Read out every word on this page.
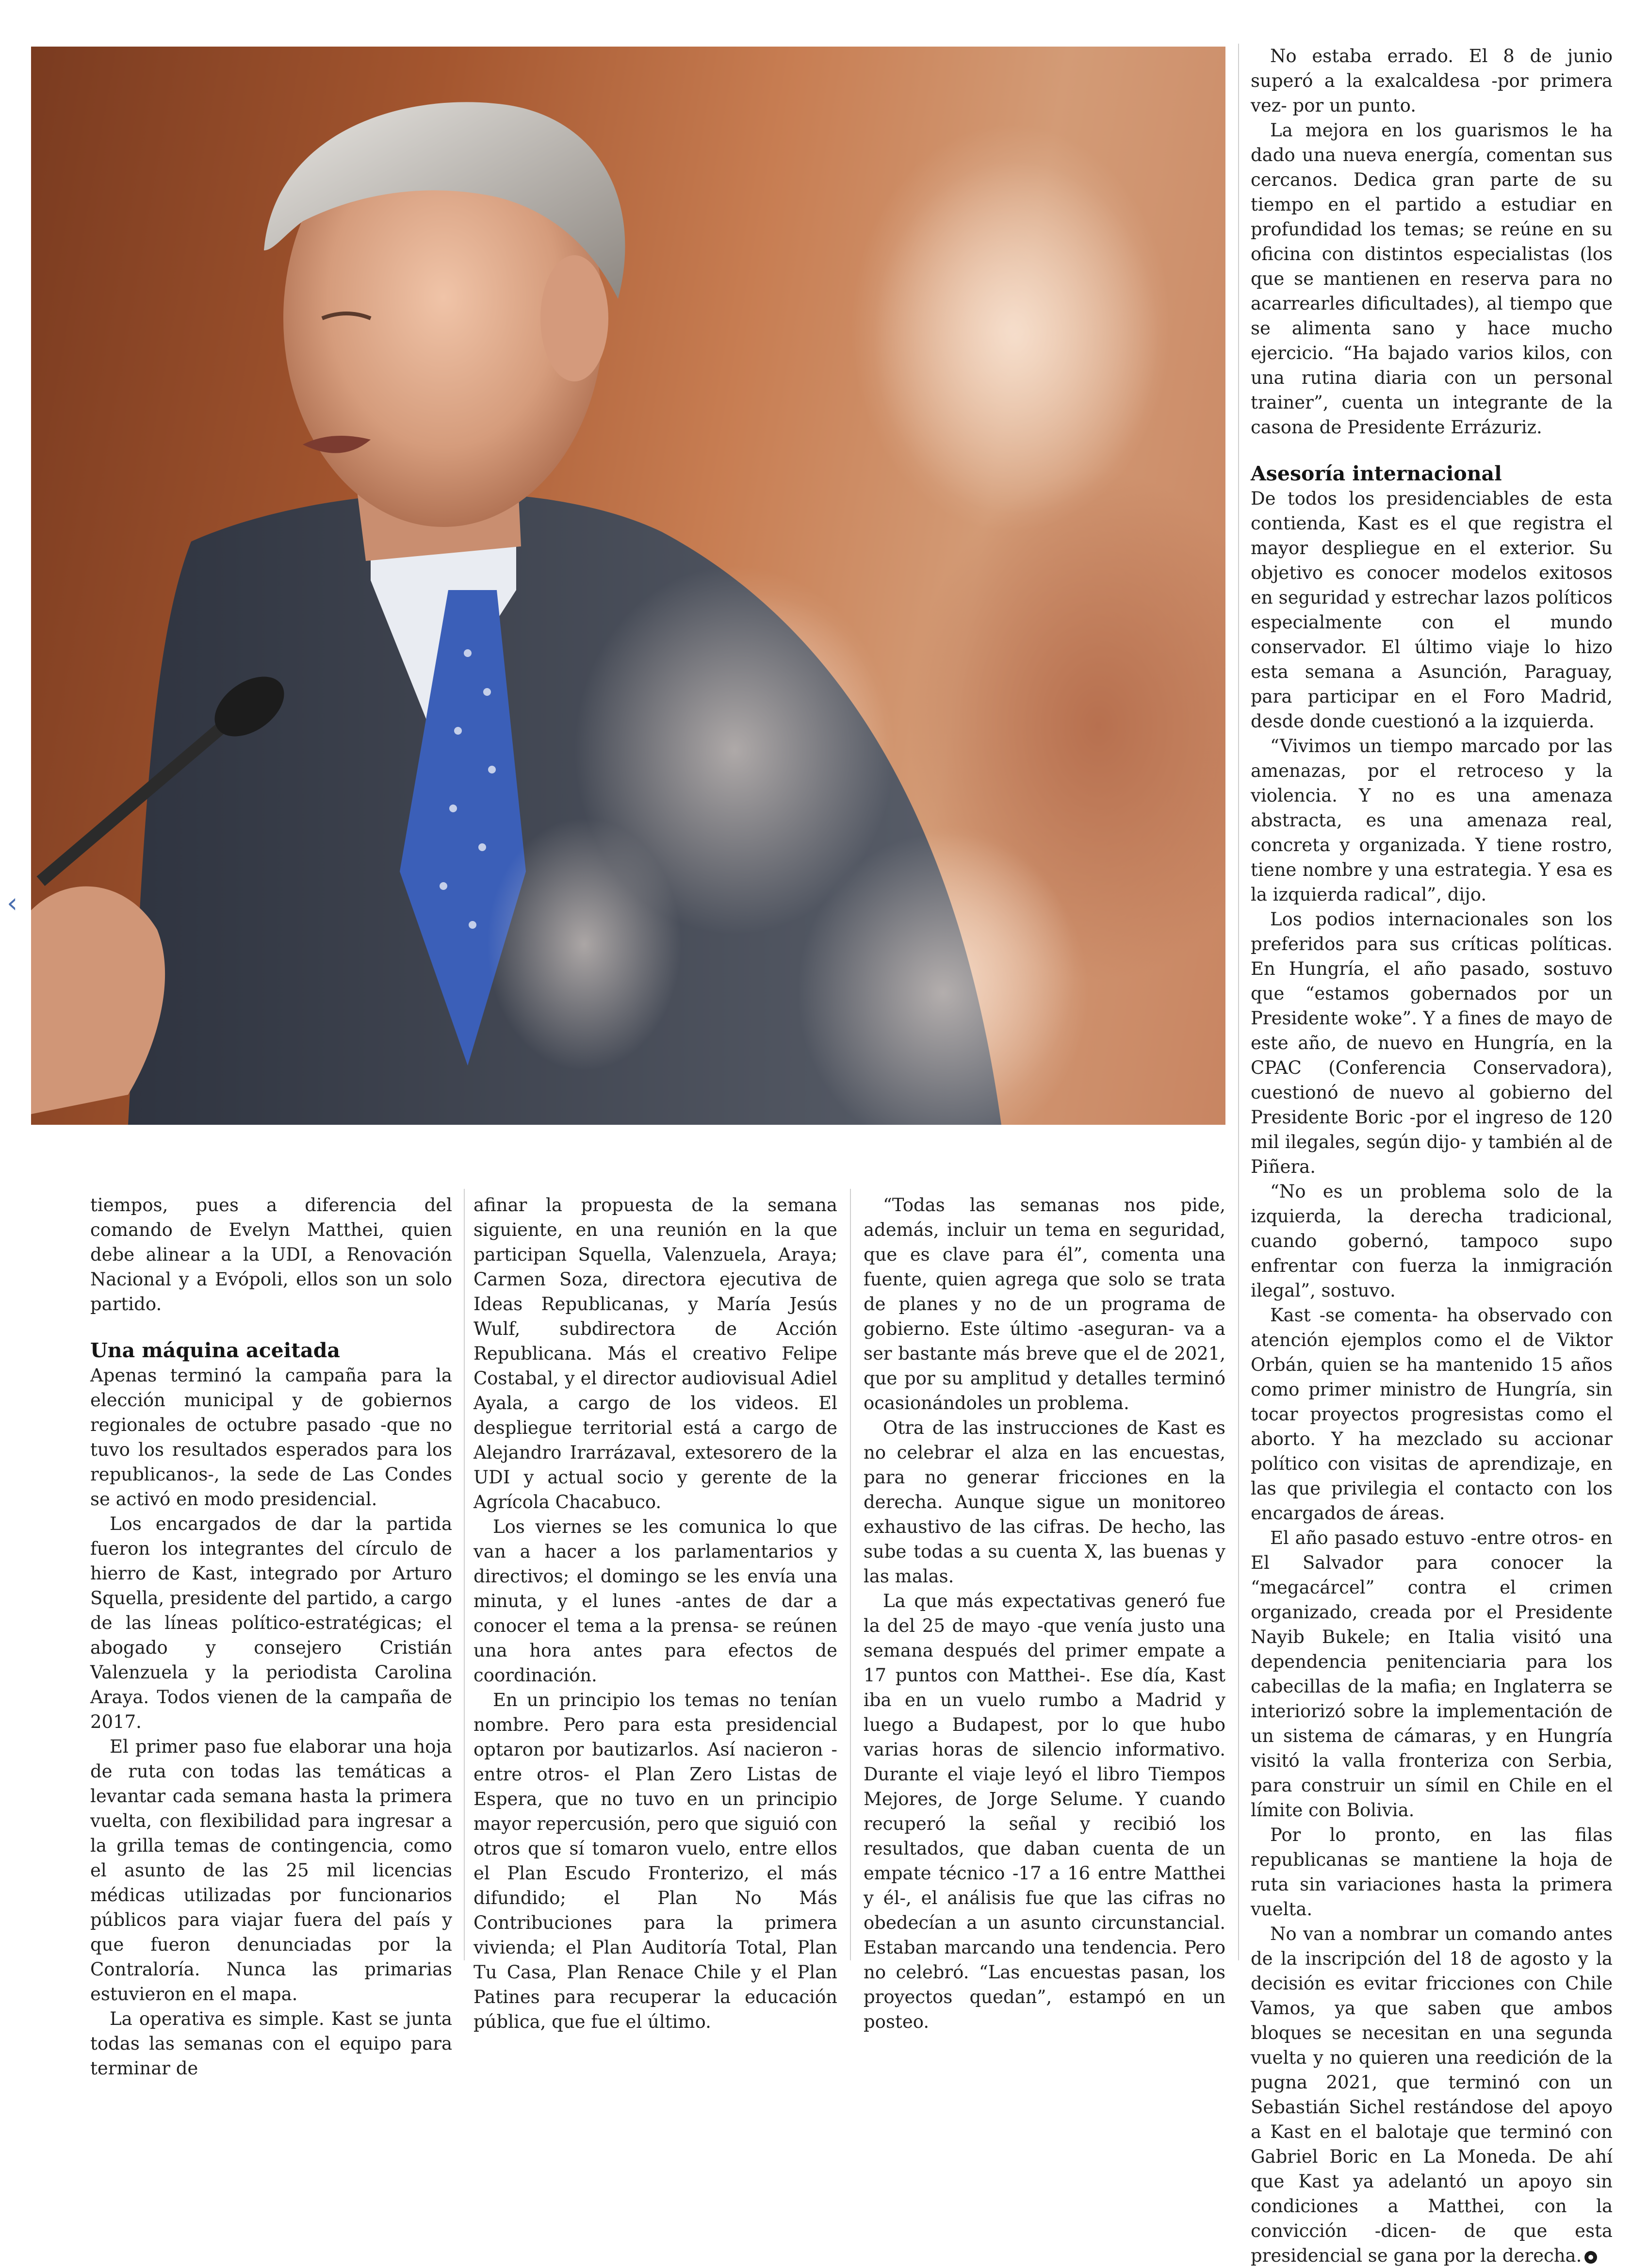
‹

tiempos, pues a diferencia del comando de Evelyn Matthei, quien debe alinear a la UDI, a Renovación Nacional y a Evópoli, ellos son un solo partido.

Una máquina aceitada

Apenas terminó la campaña para la elección municipal y de gobiernos regionales de octubre pasado -que no tuvo los resultados esperados para los republicanos-, la sede de Las Condes se activó en modo presidencial.

Los encargados de dar la partida fueron los integrantes del círculo de hierro de Kast, integrado por Arturo Squella, presidente del partido, a cargo de las líneas político-estratégicas; el abogado y consejero Cristián Valenzuela y la periodista Carolina Araya. Todos vienen de la campaña de 2017.

El primer paso fue elaborar una hoja de ruta con todas las temáticas a levantar cada semana hasta la primera vuelta, con flexibilidad para ingresar a la grilla temas de contingencia, como el asunto de las 25 mil licencias médicas utilizadas por funcionarios públicos para viajar fuera del país y que fueron denunciadas por la Contraloría. Nunca las primarias estuvieron en el mapa.

La operativa es simple. Kast se junta todas las semanas con el equipo para terminar de

afinar la propuesta de la semana siguiente, en una reunión en la que participan Squella, Valenzuela, Araya; Carmen Soza, directora ejecutiva de Ideas Republicanas, y María Jesús Wulf, subdirectora de Acción Republicana. Más el creativo Felipe Costabal, y el director audiovisual Adiel Ayala, a cargo de los videos. El despliegue territorial está a cargo de Alejandro Irarrázaval, extesorero de la UDI y actual socio y gerente de la Agrícola Chacabuco.

Los viernes se les comunica lo que van a hacer a los parlamentarios y directivos; el domingo se les envía una minuta, y el lunes -antes de dar a conocer el tema a la prensa- se reúnen una hora antes para efectos de coordinación.

En un principio los temas no tenían nombre. Pero para esta presidencial optaron por bautizarlos. Así nacieron -entre otros- el Plan Zero Listas de Espera, que no tuvo en un principio mayor repercusión, pero que siguió con otros que sí tomaron vuelo, entre ellos el Plan Escudo Fronterizo, el más difundido; el Plan No Más Contribuciones para la primera vivienda; el Plan Auditoría Total, Plan Tu Casa, Plan Renace Chile y el Plan Patines para recuperar la educación pública, que fue el último.

“Todas las semanas nos pide, además, incluir un tema en seguridad, que es clave para él”, comenta una fuente, quien agrega que solo se trata de planes y no de un programa de gobierno. Este último -aseguran- va a ser bastante más breve que el de 2021, que por su amplitud y detalles terminó ocasionándoles un problema.

Otra de las instrucciones de Kast es no celebrar el alza en las encuestas, para no generar fricciones en la derecha. Aunque sigue un monitoreo exhaustivo de las cifras. De hecho, las sube todas a su cuenta X, las buenas y las malas.

La que más expectativas generó fue la del 25 de mayo -que venía justo una semana después del primer empate a 17 puntos con Matthei-. Ese día, Kast iba en un vuelo rumbo a Madrid y luego a Budapest, por lo que hubo varias horas de silencio informativo. Durante el viaje leyó el libro Tiempos Mejores, de Jorge Selume. Y cuando recuperó la señal y recibió los resultados, que daban cuenta de un empate técnico -17 a 16 entre Matthei y él-, el análisis fue que las cifras no obedecían a un asunto circunstancial. Estaban marcando una tendencia. Pero no celebró. “Las encuestas pasan, los proyectos quedan”, estampó en un posteo.

No estaba errado. El 8 de junio superó a la exalcaldesa -por primera vez- por un punto.

La mejora en los guarismos le ha dado una nueva energía, comentan sus cercanos. Dedica gran parte de su tiempo en el partido a estudiar en profundidad los temas; se reúne en su oficina con distintos especialistas (los que se mantienen en reserva para no acarrearles dificultades), al tiempo que se alimenta sano y hace mucho ejercicio. “Ha bajado varios kilos, con una rutina diaria con un personal trainer”, cuenta un integrante de la casona de Presidente Errázuriz.

Asesoría internacional

De todos los presidenciables de esta contienda, Kast es el que registra el mayor despliegue en el exterior. Su objetivo es conocer modelos exitosos en seguridad y estrechar lazos políticos especialmente con el mundo conservador. El último viaje lo hizo esta semana a Asunción, Paraguay, para participar en el Foro Madrid, desde donde cuestionó a la izquierda.

“Vivimos un tiempo marcado por las amenazas, por el retroceso y la violencia. Y no es una amenaza abstracta, es una amenaza real, concreta y organizada. Y tiene rostro, tiene nombre y una estrategia. Y esa es la izquierda radical”, dijo.

Los podios internacionales son los preferidos para sus críticas políticas. En Hungría, el año pasado, sostuvo que “estamos gobernados por un Presidente woke”. Y a fines de mayo de este año, de nuevo en Hungría, en la CPAC (Conferencia Conservadora), cuestionó de nuevo al gobierno del Presidente Boric -por el ingreso de 120 mil ilegales, según dijo- y también al de Piñera.

“No es un problema solo de la izquierda, la derecha tradicional, cuando gobernó, tampoco supo enfrentar con fuerza la inmigración ilegal”, sostuvo.

Kast -se comenta- ha observado con atención ejemplos como el de Viktor Orbán, quien se ha mantenido 15 años como primer ministro de Hungría, sin tocar proyectos progresistas como el aborto. Y ha mezclado su accionar político con visitas de aprendizaje, en las que privilegia el contacto con los encargados de áreas.

El año pasado estuvo -entre otros- en El Salvador para conocer la “megacárcel” contra el crimen organizado, creada por el Presidente Nayib Bukele; en Italia visitó una dependencia penitenciaria para los cabecillas de la mafia; en Inglaterra se interiorizó sobre la implementación de un sistema de cámaras, y en Hungría visitó la valla fronteriza con Serbia, para construir un símil en Chile en el límite con Bolivia.

Por lo pronto, en las filas republicanas se mantiene la hoja de ruta sin variaciones hasta la primera vuelta.

No van a nombrar un comando antes de la inscripción del 18 de agosto y la decisión es evitar fricciones con Chile Vamos, ya que saben que ambos bloques se necesitan en una segunda vuelta y no quieren una reedición de la pugna 2021, que terminó con un Sebastián Sichel restándose del apoyo a Kast en el balotaje que terminó con Gabriel Boric en La Moneda. De ahí que Kast ya adelantó un apoyo sin condiciones a Matthei, con la convicción -dicen- de que esta presidencial se gana por la derecha.
